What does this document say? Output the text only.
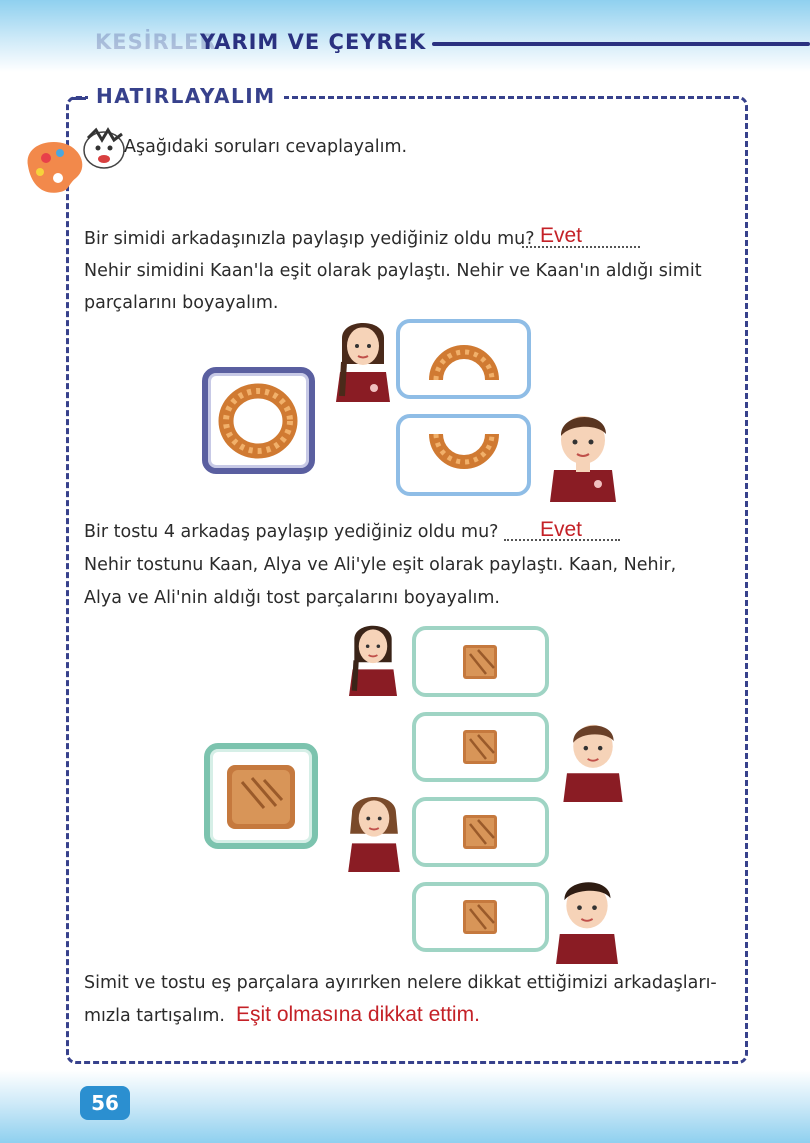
KESİRLER
YARIM VE ÇEYREK
HATIRLAYALIM
Aşağıdaki soruları cevaplayalım.
Bir simidi arkadaşınızla paylaşıp yediğiniz oldu mu? Evet
Nehir simidini Kaan'la eşit olarak paylaştı. Nehir ve Kaan'ın aldığı simit
parçalarını boyayalım.
Bir tostu 4 arkadaş paylaşıp yediğiniz oldu mu? Evet
Nehir tostunu Kaan, Alya ve Ali'yle eşit olarak paylaştı. Kaan, Nehir,
Alya ve Ali'nin aldığı tost parçalarını boyayalım.
Simit ve tostu eş parçalara ayırırken nelere dikkat ettiğimizi arkadaşları-
mızla tartışalım. Eşit olmasına dikkat ettim.
56
